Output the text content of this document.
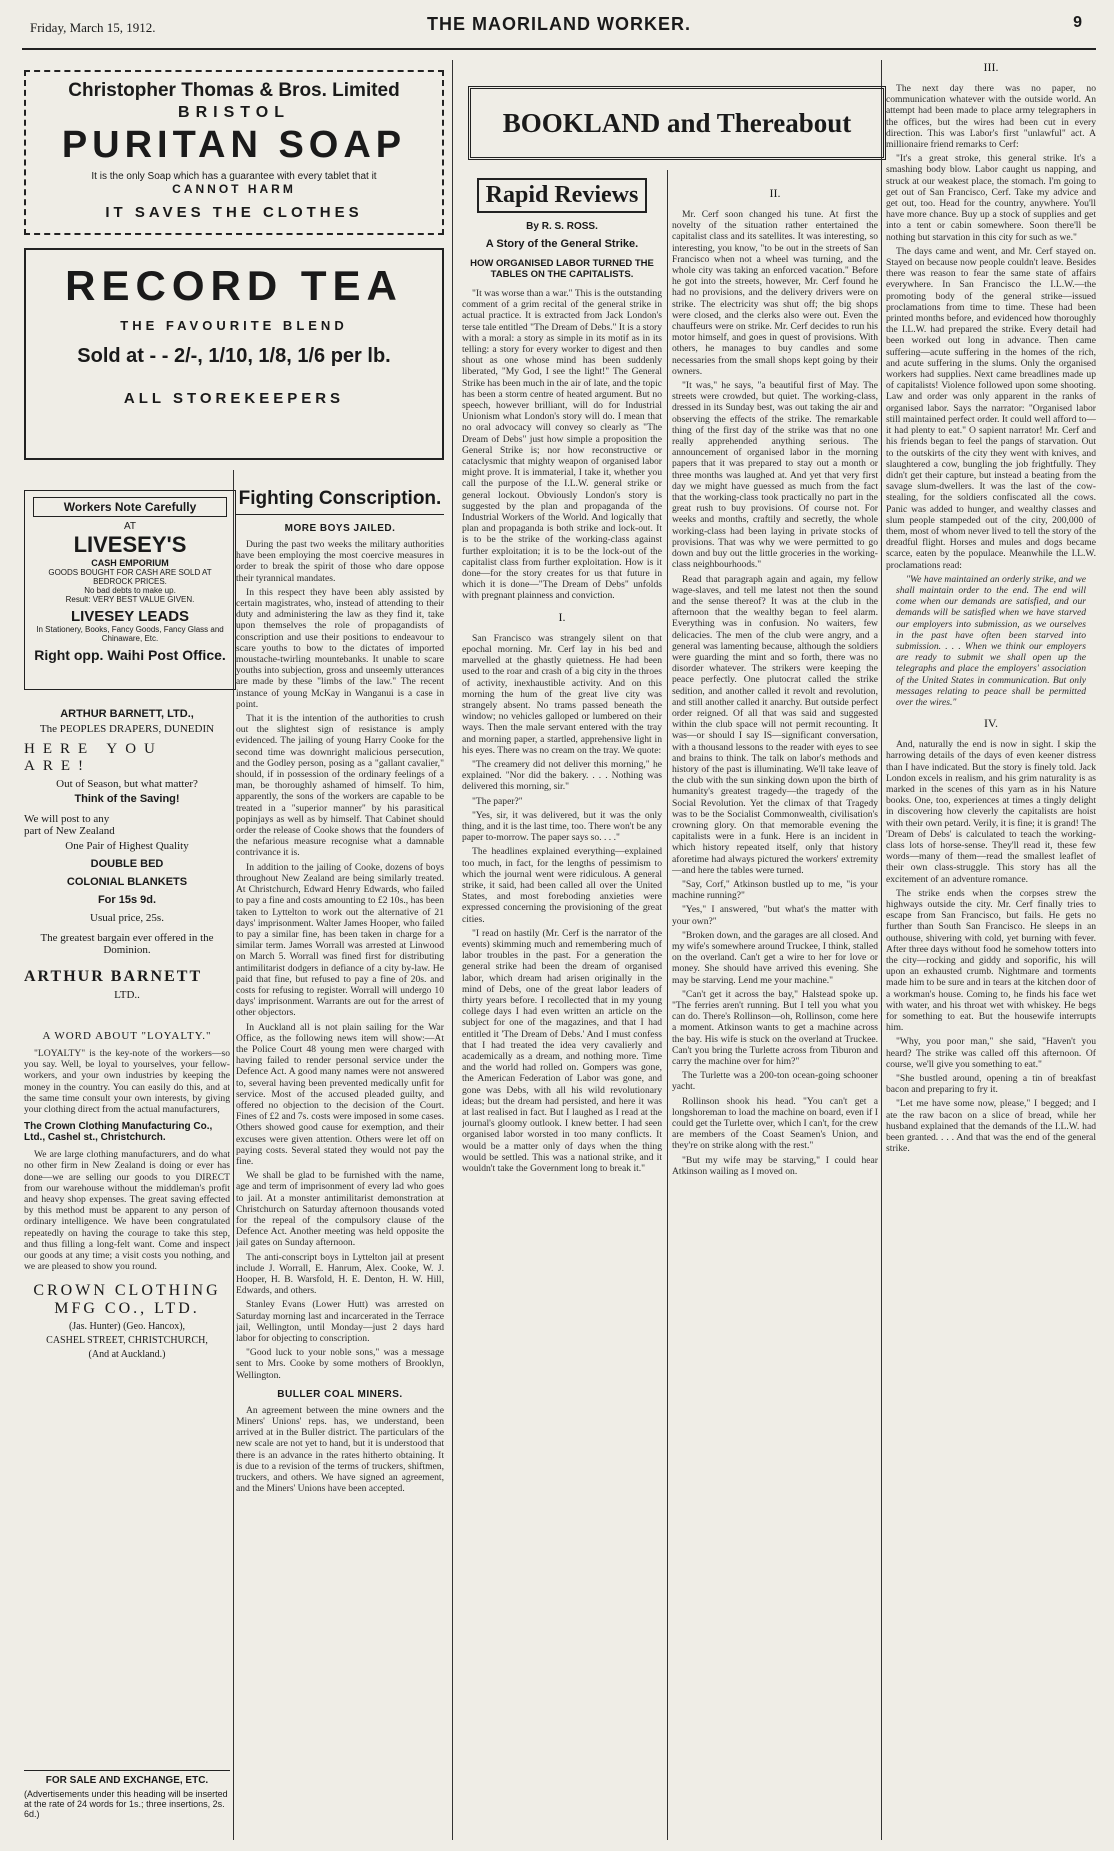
Friday, March 15, 1912.	THE MAORILAND WORKER.	9
Christopher Thomas & Bros. Limited
BRISTOL
PURITAN SOAP
It is the only Soap which has a guarantee with every tablet that it
CANNOT HARM
IT SAVES THE CLOTHES
RECORD TEA
THE FAVOURITE BLEND
Sold at - - 2/-, 1/10, 1/8, 1/6 per lb.
ALL STOREKEEPERS
Workers Note Carefully
AT
LIVESEY'S
CASH EMPORIUM
GOODS BOUGHT FOR CASH ARE SOLD AT BEDROCK PRICES.
No bad debts to make up.
Result: VERY BEST VALUE GIVEN.
LIVESEY LEADS
In Stationery, Books, Fancy Goods, Fancy Glass and Chinaware, Etc.
Right opp. Waihi Post Office.
ARTHUR BARNETT, LTD.,
The PEOPLES DRAPERS, DUNEDIN
HERE YOU ARE!
Out of Season, but what matter?
Think of the Saving!
We will post to any
part of New Zealand
One Pair of Highest Quality
DOUBLE BED
COLONIAL BLANKETS
For 15s 9d.
Usual price, 25s.
The greatest bargain ever offered in the Dominion.
ARTHUR BARNETT
LTD..
A WORD ABOUT "LOYALTY."

"LOYALTY" is the key-note of the workers—so you say. Well, be loyal to yourselves, your fellow-workers, and your own industries by keeping the money in the country. You can easily do this, and at the same time consult your own interests, by giving your clothing direct from the actual manufacturers,

The Crown Clothing Manufacturing Co., Ltd., Cashel st., Christchurch.

We are large clothing manufacturers, and do what no other firm in New Zealand is doing or ever has done—we are selling our goods to you DIRECT from our warehouse without the middleman's profit and heavy shop expenses. The great saving effected by this method must be apparent to any person of ordinary intelligence. We have been congratulated repeatedly on having the courage to take this step, and thus filling a long-felt want. Come and inspect our goods at any time; a visit costs you nothing, and we are pleased to show you round.

CROWN CLOTHING MFG CO., LTD.
(Jas. Hunter) (Geo. Hancox),
CASHEL STREET, CHRISTCHURCH,
(And at Auckland.)
FOR SALE AND EXCHANGE, ETC.
(Advertisements under this heading will be inserted at the rate of 24 words for 1s.; three insertions, 2s. 6d.)
Fighting Conscription.
MORE BOYS JAILED.

During the past two weeks the military authorities have been employing the most coercive measures in order to break the spirit of those who dare oppose their tyrannical mandates.

In this respect they have been ably assisted by certain magistrates, who, instead of attending to their duty and administering the law as they find it, take upon themselves the role of propagandists of conscription and use their positions to endeavour to scare youths to bow to the dictates of imported moustache-twirling mountebanks. It unable to scare youths into subjection, gross and unseemly utterances are made by these "limbs of the law." The recent instance of young McKay in Wanganui is a case in point.

That it is the intention of the authorities to crush out the slightest sign of resistance is amply evidenced. The jailing of young Harry Cooke for the second time was downright malicious persecution, and the Godley person, posing as a "gallant cavalier," should, if in possession of the ordinary feelings of a man, be thoroughly ashamed of himself. To him, apparently, the sons of the workers are capable to be treated in a "superior manner" by his parasitical popinjays as well as by himself. That Cabinet should order the release of Cooke shows that the founders of the nefarious measure recognise what a damnable contrivance it is.

In addition to the jailing of Cooke, dozens of boys throughout New Zealand are being similarly treated. At Christchurch, Edward Henry Edwards, who failed to pay a fine and costs amounting to £2 10s., has been taken to Lyttelton to work out the alternative of 21 days' imprisonment. Walter James Hooper, who failed to pay a similar fine, has been taken in charge for a similar term. James Worrall was arrested at Linwood on March 5. Worrall was fined first for distributing antimilitarist dodgers in defiance of a city by-law. He paid that fine, but refused to pay a fine of 20s. and costs for refusing to register. Worrall will undergo 10 days' imprisonment. Warrants are out for the arrest of other objectors.

In Auckland all is not plain sailing for the War Office, as the following news item will show:—At the Police Court 48 young men were charged with having failed to render personal service under the Defence Act. A good many names were not answered to, several having been prevented medically unfit for service. Most of the accused pleaded guilty, and offered no objection to the decision of the Court. Fines of £2 and 7s. costs were imposed in some cases. Others showed good cause for exemption, and their excuses were given attention. Others were let off on paying costs. Several stated they would not pay the fine.

We shall be glad to be furnished with the name, age and term of imprisonment of every lad who goes to jail. At a monster antimilitarist demonstration at Christchurch on Saturday afternoon thousands voted for the repeal of the compulsory clause of the Defence Act. Another meeting was held opposite the jail gates on Sunday afternoon.

The anti-conscript boys in Lyttelton jail at present include J. Worrall, E. Hanrum, Alex. Cooke, W. J. Hooper, H. B. Warsfold, H. E. Denton, H. W. Hill, Edwards, and others.

Stanley Evans (Lower Hutt) was arrested on Saturday morning last and incarcerated in the Terrace jail, Wellington, until Monday—just 2 days hard labor for objecting to conscription.

"Good luck to your noble sons," was a message sent to Mrs. Cooke by some mothers of Brooklyn, Wellington.

BULLER COAL MINERS.

An agreement between the mine owners and the Miners' Unions' reps. has, we understand, been arrived at in the Buller district. The particulars of the new scale are not yet to hand, but it is understood that there is an advance in the rates hitherto obtaining. It is due to a revision of the terms of truckers, shiftmen, truckers, and others. We have signed an agreement, and the Miners' Unions have been accepted.

BOOKLAND and Thereabout
Rapid Reviews
By R. S. ROSS.
A Story of the General Strike.
HOW ORGANISED LABOR TURNED THE TABLES ON THE CAPITALISTS.

"It was worse than a war." This is the outstanding comment of a grim recital of the general strike in actual practice. It is extracted from Jack London's terse tale entitled "The Dream of Debs." It is a story with a moral: a story as simple in its motif as in its telling: a story for every worker to digest and then shout as one whose mind has been suddenly liberated, "My God, I see the light!" The General Strike has been much in the air of late, and the topic has been a storm centre of heated argument. But no speech, however brilliant, will do for Industrial Unionism what London's story will do. I mean that no oral advocacy will convey so clearly as "The Dream of Debs" just how simple a proposition the General Strike is; nor how reconstructive or cataclysmic that mighty weapon of organised labor might prove. It is immaterial, I take it, whether you call the purpose of the I.L.W. general strike or general lockout. Obviously London's story is suggested by the plan and propaganda of the Industrial Workers of the World. And logically that plan and propaganda is both strike and lock-out. It is to be the strike of the working-class against further exploitation; it is to be the lock-out of the capitalist class from further exploitation. How is it done—for the story creates for us that future in which it is done—"The Dream of Debs" unfolds with pregnant plainness and conviction.

I.

San Francisco was strangely silent on that epochal morning. Mr. Cerf lay in his bed and marvelled at the ghastly quietness. He had been used to the roar and crash of a big city in the throes of activity, inexhaustible activity. And on this morning the hum of the great live city was strangely absent. No trams passed beneath the window; no vehicles galloped or lumbered on their ways. Then the male servant entered with the tray and morning paper, a startled, apprehensive light in his eyes. There was no cream on the tray. We quote:

"The creamery did not deliver this morning," he explained. "Nor did the bakery. . . . Nothing was delivered this morning, sir."

"The paper?"

"Yes, sir, it was delivered, but it was the only thing, and it is the last time, too. There won't be any paper to-morrow. The paper says so. . . ."

The headlines explained everything—explained too much, in fact, for the lengths of pessimism to which the journal went were ridiculous. A general strike, it said, had been called all over the United States, and most foreboding anxieties were expressed concerning the provisioning of the great cities.

"I read on hastily (Mr. Cerf is the narrator of the events) skimming much and remembering much of labor troubles in the past. For a generation the general strike had been the dream of organised labor, which dream had arisen originally in the mind of Debs, one of the great labor leaders of thirty years before. I recollected that in my young college days I had even written an article on the subject for one of the magazines, and that I had entitled it 'The Dream of Debs.' And I must confess that I had treated the idea very cavalierly and academically as a dream, and nothing more. Time and the world had rolled on. Gompers was gone, the American Federation of Labor was gone, and gone was Debs, with all his wild revolutionary ideas; but the dream had persisted, and here it was at last realised in fact. But I laughed as I read at the journal's gloomy outlook. I knew better. I had seen organised labor worsted in too many conflicts. It would be a matter only of days when the thing would be settled. This was a national strike, and it wouldn't take the Government long to break it."

II.

Mr. Cerf soon changed his tune. At first the novelty of the situation rather entertained the capitalist class and its satellites. It was interesting, so interesting, you know, "to be out in the streets of San Francisco when not a wheel was turning, and the whole city was taking an enforced vacation." Before he got into the streets, however, Mr. Cerf found he had no provisions, and the delivery drivers were on strike. The electricity was shut off; the big shops were closed, and the clerks also were out. Even the chauffeurs were on strike. Mr. Cerf decides to run his motor himself, and goes in quest of provisions. With others, he manages to buy candles and some necessaries from the small shops kept going by their owners.

"It was," he says, "a beautiful first of May. The streets were crowded, but quiet. The working-class, dressed in its Sunday best, was out taking the air and observing the effects of the strike. The remarkable thing of the first day of the strike was that no one really apprehended anything serious. The announcement of organised labor in the morning papers that it was prepared to stay out a month or three months was laughed at. And yet that very first day we might have guessed as much from the fact that the working-class took practically no part in the great rush to buy provisions. Of course not. For weeks and months, craftily and secretly, the whole working-class had been laying in private stocks of provisions. That was why we were permitted to go down and buy out the little groceries in the working-class neighbourhoods."

Read that paragraph again and again, my fellow wage-slaves, and tell me latest not then the sound and the sense thereof? It was at the club in the afternoon that the wealthy began to feel alarm. Everything was in confusion. No waiters, few delicacies. The men of the club were angry, and a general was lamenting because, although the soldiers were guarding the mint and so forth, there was no disorder whatever. The strikers were keeping the peace perfectly. One plutocrat called the strike sedition, and another called it revolt and revolution, and still another called it anarchy. But outside perfect order reigned. Of all that was said and suggested within the club space will not permit recounting. It was—or should I say IS—significant conversation, with a thousand lessons to the reader with eyes to see and brains to think. The talk on labor's methods and history of the past is illuminating. We'll take leave of the club with the sun sinking down upon the birth of humanity's greatest tragedy—the tragedy of the Social Revolution. Yet the climax of that Tragedy was to be the Socialist Commonwealth, civilisation's crowning glory. On that memorable evening the capitalists were in a funk. Here is an incident in which history repeated itself, only that history aforetime had always pictured the workers' extremity—and here the tables were turned.

"Say, Corf," Atkinson bustled up to me, "is your machine running?"

"Yes," I answered, "but what's the matter with your own?"

"Broken down, and the garages are all closed. And my wife's somewhere around Truckee, I think, stalled on the overland. Can't get a wire to her for love or money. She should have arrived this evening. She may be starving. Lend me your machine."

"Can't get it across the bay," Halstead spoke up. "The ferries aren't running. But I tell you what you can do. There's Rollinson—oh, Rollinson, come here a moment. Atkinson wants to get a machine across the bay. His wife is stuck on the overland at Truckee. Can't you bring the Turlette across from Tiburon and carry the machine over for him?"

The Turlette was a 200-ton ocean-going schooner yacht.

Rollinson shook his head. "You can't get a longshoreman to load the machine on board, even if I could get the Turlette over, which I can't, for the crew are members of the Coast Seamen's Union, and they're on strike along with the rest."

"But my wife may be starving," I could hear Atkinson wailing as I moved on.

III.

The next day there was no paper, no communication whatever with the outside world. An attempt had been made to place army telegraphers in the offices, but the wires had been cut in every direction. This was Labor's first "unlawful" act. A millionaire friend remarks to Cerf:

"It's a great stroke, this general strike. It's a smashing body blow. Labor caught us napping, and struck at our weakest place, the stomach. I'm going to get out of San Francisco, Cerf. Take my advice and get out, too. Head for the country, anywhere. You'll have more chance. Buy up a stock of supplies and get into a tent or cabin somewhere. Soon there'll be nothing but starvation in this city for such as we."

The days came and went, and Mr. Cerf stayed on. Stayed on because now people couldn't leave. Besides there was reason to fear the same state of affairs everywhere. In San Francisco the I.L.W.—the promoting body of the general strike—issued proclamations from time to time. These had been printed months before, and evidenced how thoroughly the I.L.W. had prepared the strike. Every detail had been worked out long in advance. Then came suffering—acute suffering in the homes of the rich, and acute suffering in the slums. Only the organised workers had supplies. Next came breadlines made up of capitalists! Violence followed upon some shooting. Law and order was only apparent in the ranks of organised labor. Says the narrator: "Organised labor still maintained perfect order. It could well afford to—it had plenty to eat." O sapient narrator! Mr. Cerf and his friends began to feel the pangs of starvation. Out to the outskirts of the city they went with knives, and slaughtered a cow, bungling the job frightfully. They didn't get their capture, but instead a beating from the savage slum-dwellers. It was the last of the cow-stealing, for the soldiers confiscated all the cows. Panic was added to hunger, and wealthy classes and slum people stampeded out of the city, 200,000 of them, most of whom never lived to tell the story of the dreadful flight. Horses and mules and dogs became scarce, eaten by the populace. Meanwhile the I.L.W. proclamations read:

"We have maintained an orderly strike, and we shall maintain order to the end. The end will come when our demands are satisfied, and our demands will be satisfied when we have starved our employers into submission, as we ourselves in the past have often been starved into submission. . . . When we think our employers are ready to submit we shall open up the telegraphs and place the employers' association of the United States in communication. But only messages relating to peace shall be permitted over the wires."

IV.

And, naturally the end is now in sight. I skip the harrowing details of the days of even keener distress than I have indicated. But the story is finely told. Jack London excels in realism, and his grim naturality is as marked in the scenes of this yarn as in his Nature books. One, too, experiences at times a tingly delight in discovering how cleverly the capitalists are hoist with their own petard. Verily, it is fine; it is grand! The 'Dream of Debs' is calculated to teach the working-class lots of horse-sense. They'll read it, these few words—many of them—read the smallest leaflet of their own class-struggle. This story has all the excitement of an adventure romance.

The strike ends when the corpses strew the highways outside the city. Mr. Cerf finally tries to escape from San Francisco, but fails. He gets no further than South San Francisco. He sleeps in an outhouse, shivering with cold, yet burning with fever. After three days without food he somehow totters into the city—rocking and giddy and soporific, his will upon an exhausted crumb. Nightmare and torments made him to be sure and in tears at the kitchen door of a workman's house. Coming to, he finds his face wet with water, and his throat wet with whiskey. He begs for something to eat. But the housewife interrupts him.

"Why, you poor man," she said, "Haven't you heard? The strike was called off this afternoon. Of course, we'll give you something to eat."

"She bustled around, opening a tin of breakfast bacon and preparing to fry it.

"Let me have some now, please," I begged; and I ate the raw bacon on a slice of bread, while her husband explained that the demands of the I.L.W. had been granted. . . . And that was the end of the general strike.
